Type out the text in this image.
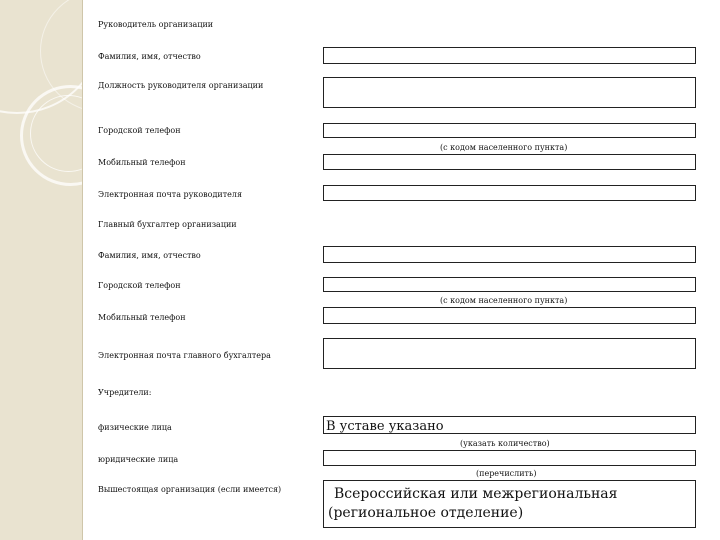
Руководитель организации
Фамилия, имя, отчество
Должность руководителя организации
Городской телефон
(с кодом населенного пункта)
Мобильный телефон
Электронная почта руководителя
Главный бухгалтер организации
Фамилия, имя, отчество
Городской телефон
(с кодом населенного пункта)
Мобильный телефон
Электронная почта главного бухгалтера
Учредители:
физические лица	В уставе указано
(указать количество)
юридические лица
(перечислить)
Вышестоящая организация (если имеется)	Всероссийская или межрегиональная (региональное отделение)
